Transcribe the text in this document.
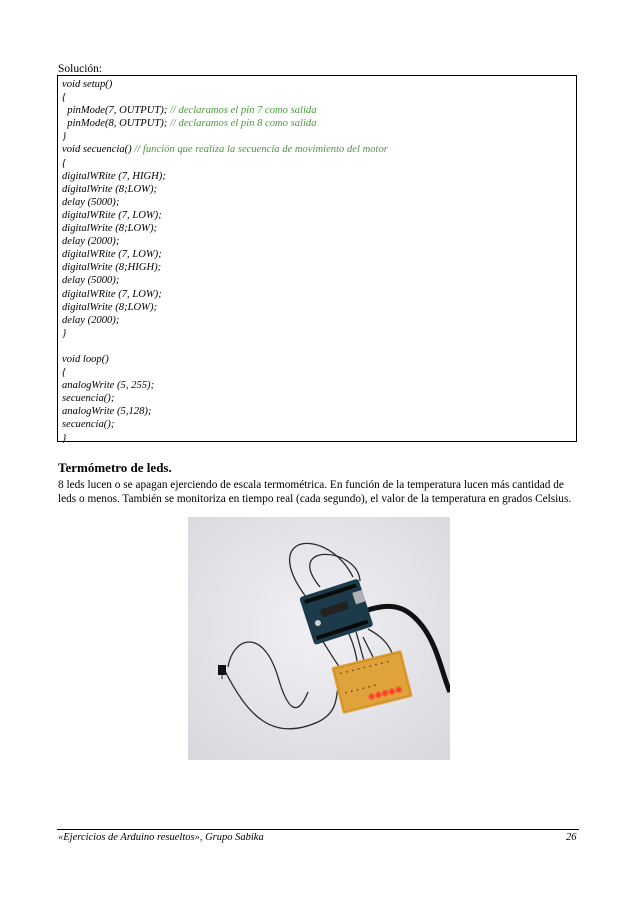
Solución:
void setup()
{
pinMode(7, OUTPUT); // declaramos el pin 7 como salida
pinMode(8, OUTPUT); // declaramos el pin 8 como salida
}
void secuencia() // función que realiza la secuencia de movimiento del motor
{
digitalWRite (7, HIGH);
digitalWrite (8;LOW);
delay (5000);
digitalWRite (7, LOW);
digitalWrite (8;LOW);
delay (2000);
digitalWRite (7, LOW);
digitalWrite (8;HIGH);
delay (5000);
digitalWRite (7, LOW);
digitalWrite (8;LOW);
delay (2000);
}
void loop()
{
analogWrite (5, 255);
secuencia();
analogWrite (5,128);
secuencia();
}
Termómetro de leds.
8 leds lucen o se apagan ejerciendo de escala termométrica. En función de la temperatura lucen más cantidad de leds o menos. También se monitoriza en tiempo real (cada segundo), el valor de la temperatura en grados Celsius.
«Ejercicios de Arduino resueltos», Grupo Sabika	26
